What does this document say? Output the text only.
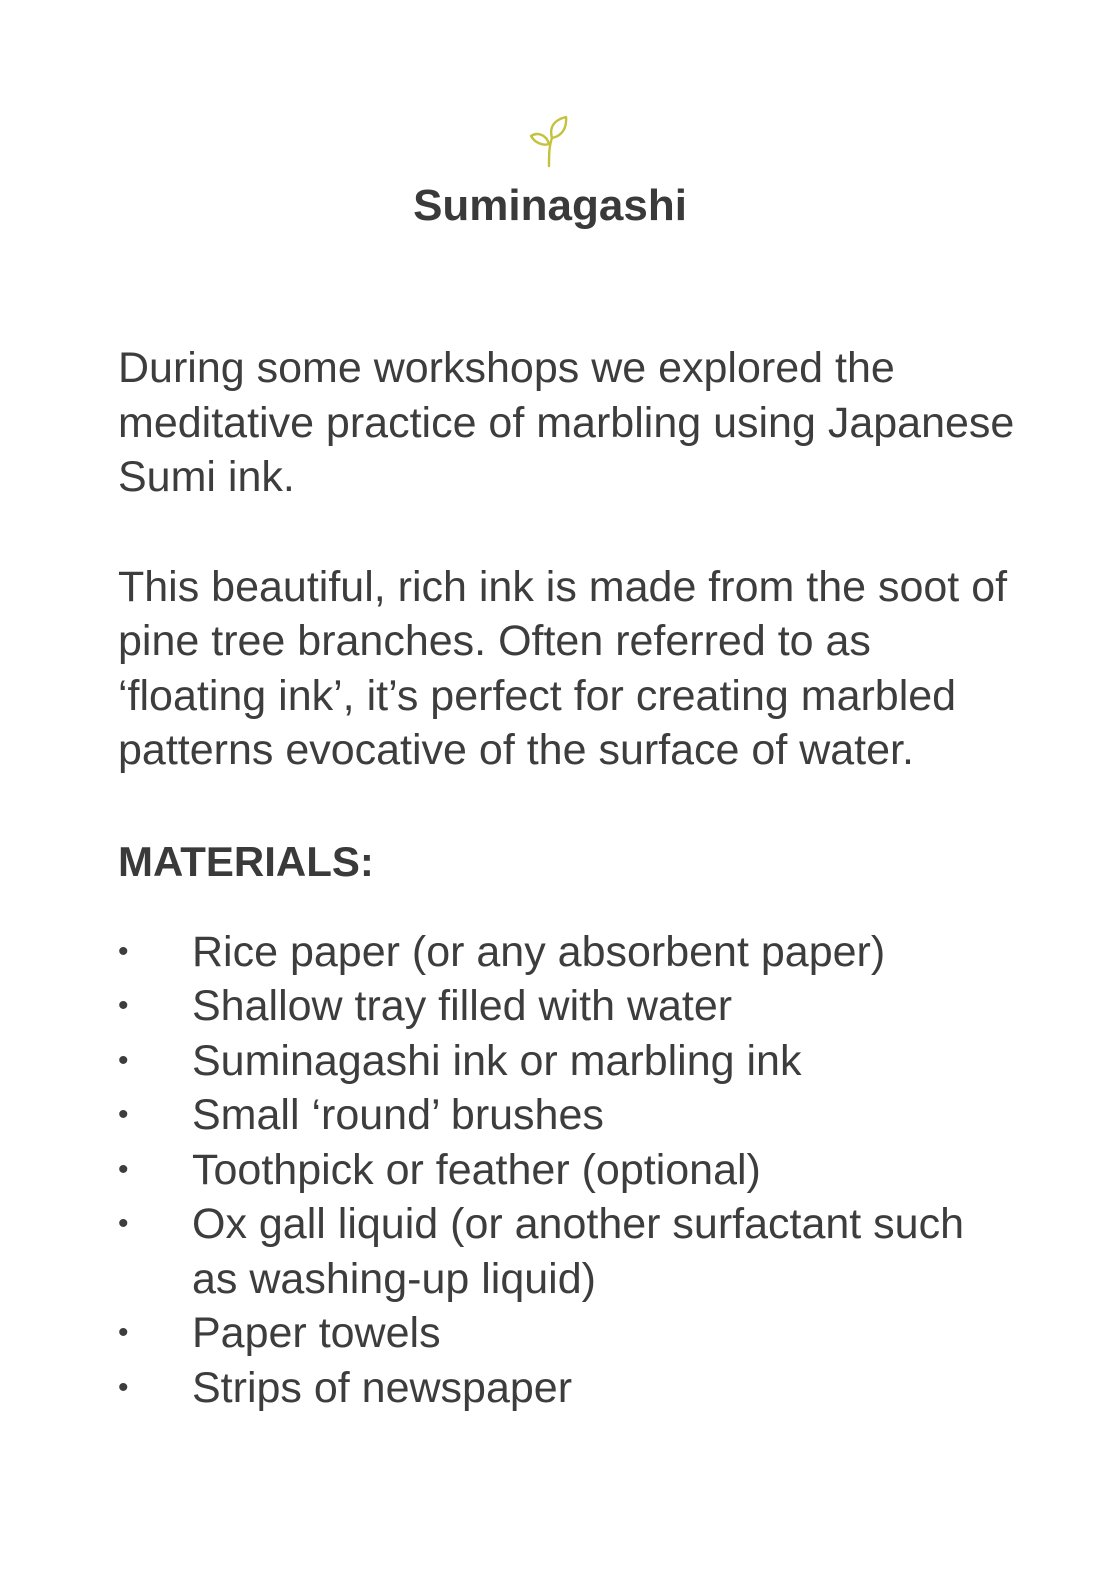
Suminagashi

During some workshops we explored the meditative practice of marbling using Japanese Sumi ink.

This beautiful, rich ink is made from the soot of pine tree branches. Often referred to as ‘floating ink’, it’s perfect for creating marbled patterns evocative of the surface of water.

MATERIALS:
• Rice paper (or any absorbent paper)
• Shallow tray filled with water
• Suminagashi ink or marbling ink
• Small ‘round’ brushes
• Toothpick or feather (optional)
• Ox gall liquid (or another surfactant such as washing-up liquid)
• Paper towels
• Strips of newspaper
